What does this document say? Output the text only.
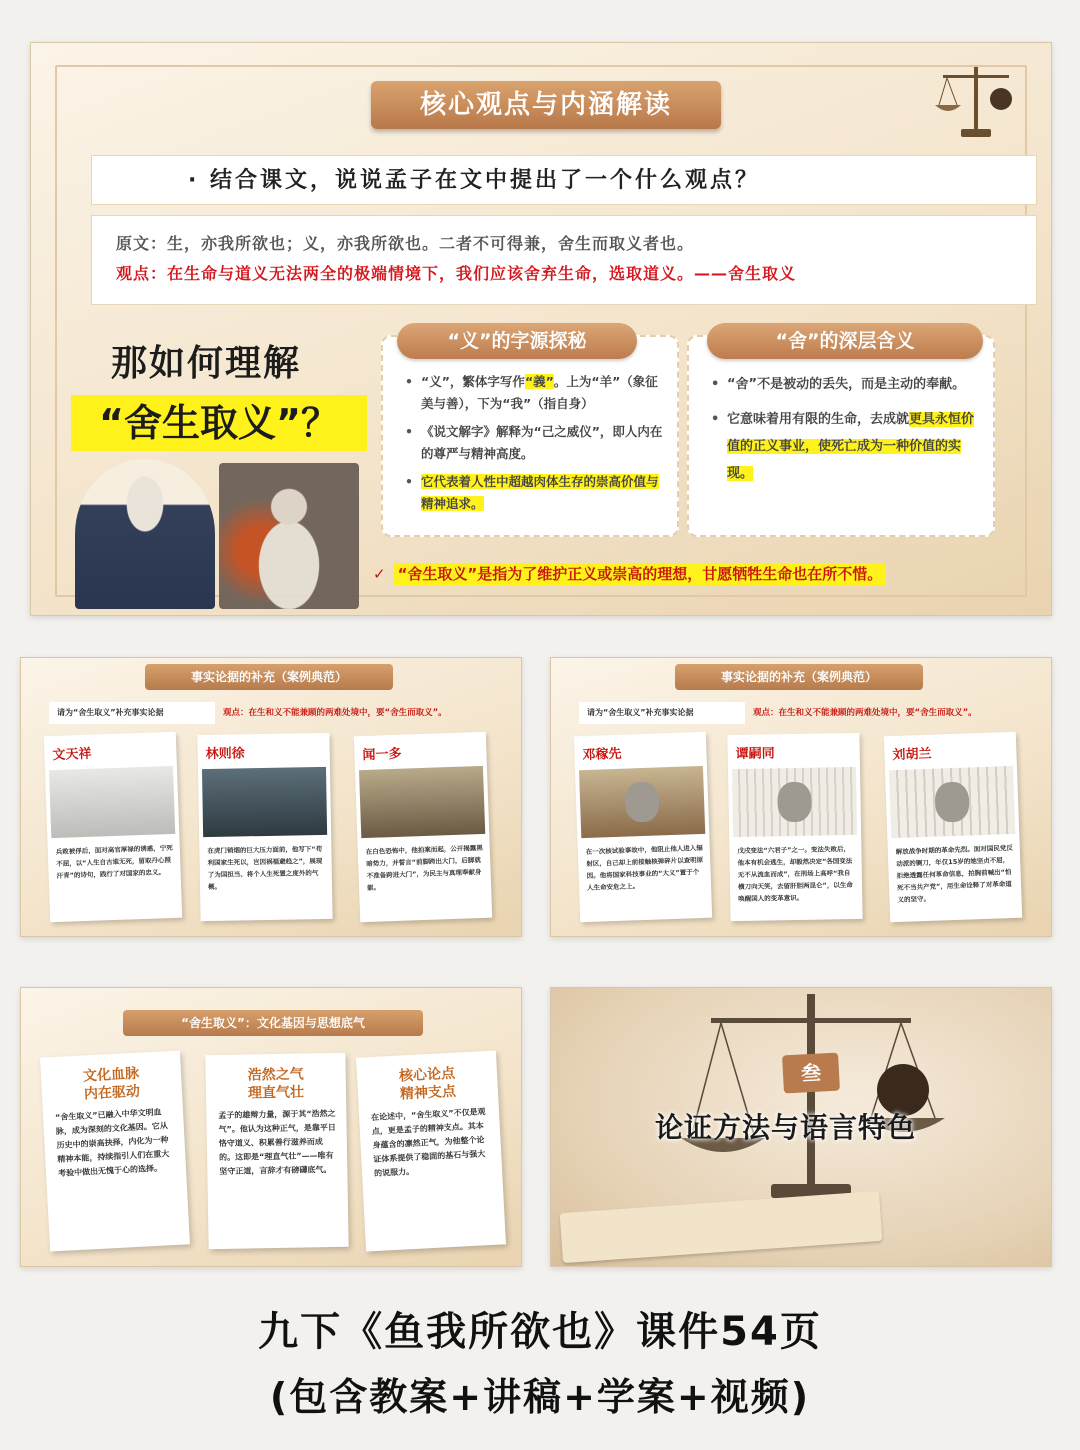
核心观点与内涵解读
· 结合课文，说说孟子在文中提出了一个什么观点？
原文：生，亦我所欲也；义，亦我所欲也。二者不可得兼，舍生而取义者也。
观点：在生命与道义无法两全的极端情境下，我们应该舍弃生命，选取道义。——舍生取义
那如何理解
“舍生取义”？
“义”的字源探秘
• “义”，繁体字写作“義”。上为“羊”（象征美与善），下为“我”（指自身）
• 《说文解字》解释为“己之威仪”，即人内在的尊严与精神高度。
• 它代表着人性中超越肉体生存的崇高价值与精神追求。
“舍”的深层含义
• “舍”不是被动的丢失，而是主动的奉献。
• 它意味着用有限的生命，去成就更具永恒价值的正义事业，使死亡成为一种价值的实现。
✓ “舍生取义”是指为了维护正义或崇高的理想，甘愿牺牲生命也在所不惜。
事实论据的补充（案例典范）
请为“舍生取义”补充事实论据	观点：在生和义不能兼顾的两难处境中，要“舍生而取义”。
文天祥
兵败被俘后，面对高官厚禄的诱惑，宁死不屈，以“人生自古谁无死，留取丹心照汗青”的诗句，践行了对国家的忠义。
林则徐
在虎门销烟的巨大压力面前，他写下“苟利国家生死以，岂因祸福避趋之”，展现了为国担当、将个人生死置之度外的气概。
闻一多
在白色恐怖中，他拍案而起，公开揭露黑暗势力，并誓言“前脚跨出大门，后脚就不准备跨进大门”，为民主与真理奉献身躯。
事实论据的补充（案例典范）
请为“舍生取义”补充事实论据	观点：在生和义不能兼顾的两难处境中，要“舍生而取义”。
邓稼先
在一次核试验事故中，他阻止他人进入辐射区，自己却上前接触核弹碎片以查明原因。他将国家科技事业的“大义”置于个人生命安危之上。
谭嗣同
戊戌变法“六君子”之一。变法失败后，他本有机会逃生，却毅然决定“各国变法无不从流血而成”，在刑场上高呼“我自横刀向天笑，去留肝胆两昆仑”，以生命唤醒国人的变革意识。
刘胡兰
解放战争时期的革命先烈。面对国民党反动派的铡刀，年仅15岁的她坚贞不屈，拒绝透露任何革命信息，拍胸前喊出“怕死不当共产党”，用生命诠释了对革命道义的坚守。
“舍生取义”：文化基因与思想底气
文化血脉
内在驱动
“舍生取义”已融入中华文明血脉，成为深刻的文化基因。它从历史中的崇高抉择，内化为一种精神本能，持续指引人们在重大考验中做出无愧于心的选择。
浩然之气
理直气壮
孟子的雄辩力量，源于其“浩然之气”。他认为这种正气，是靠平日恪守道义、积累善行滋养而成的。这即是“理直气壮”——唯有坚守正道，言辞才有磅礴底气。
核心论点
精神支点
在论述中，“舍生取义”不仅是观点，更是孟子的精神支点。其本身蕴含的凛然正气，为他整个论证体系提供了稳固的基石与强大的说服力。
叁
论证方法与语言特色
九下《鱼我所欲也》课件54页
(包含教案+讲稿+学案+视频)
